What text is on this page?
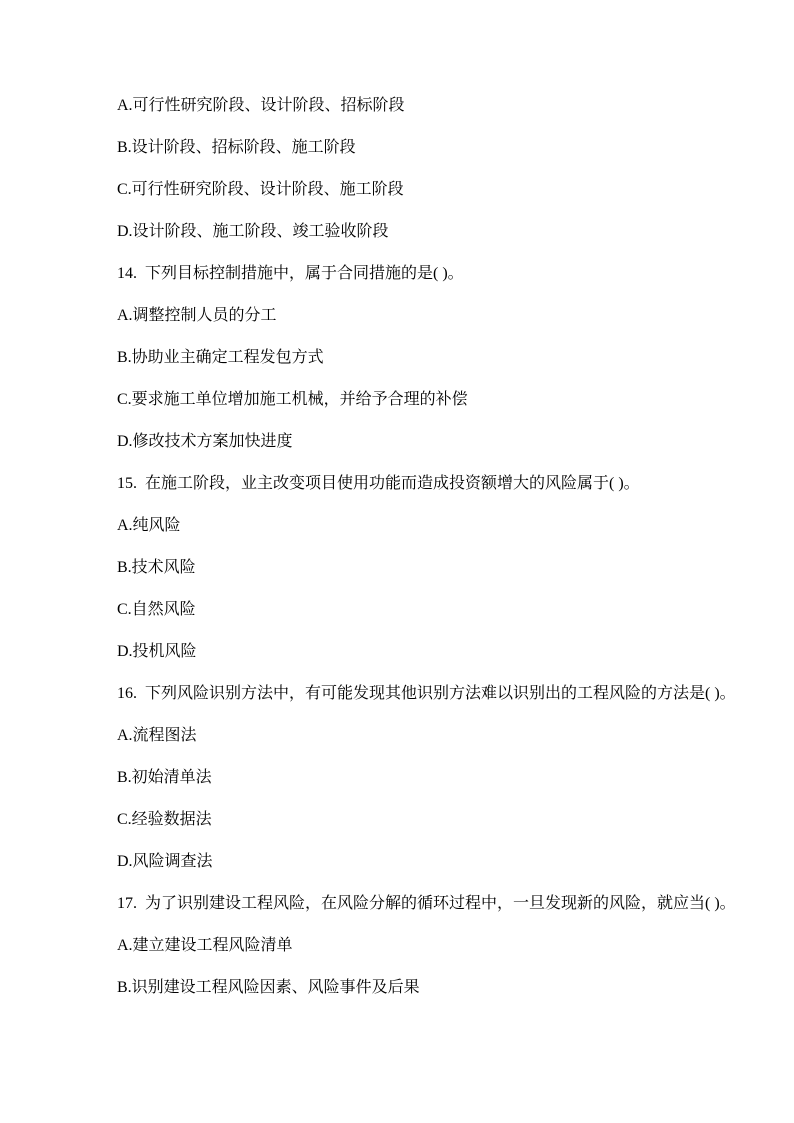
A.可行性研究阶段、设计阶段、招标阶段

B.设计阶段、招标阶段、施工阶段

C.可行性研究阶段、设计阶段、施工阶段

D.设计阶段、施工阶段、竣工验收阶段

14.  下列目标控制措施中，属于合同措施的是( )。

A.调整控制人员的分工

B.协助业主确定工程发包方式

C.要求施工单位增加施工机械，并给予合理的补偿

D.修改技术方案加快进度

15.  在施工阶段，业主改变项目使用功能而造成投资额增大的风险属于( )。

A.纯风险

B.技术风险

C.自然风险

D.投机风险

16.  下列风险识别方法中，有可能发现其他识别方法难以识别出的工程风险的方法是( )。

A.流程图法

B.初始清单法

C.经验数据法

D.风险调查法

17.  为了识别建设工程风险，在风险分解的循环过程中，一旦发现新的风险，就应当( )。

A.建立建设工程风险清单

B.识别建设工程风险因素、风险事件及后果
